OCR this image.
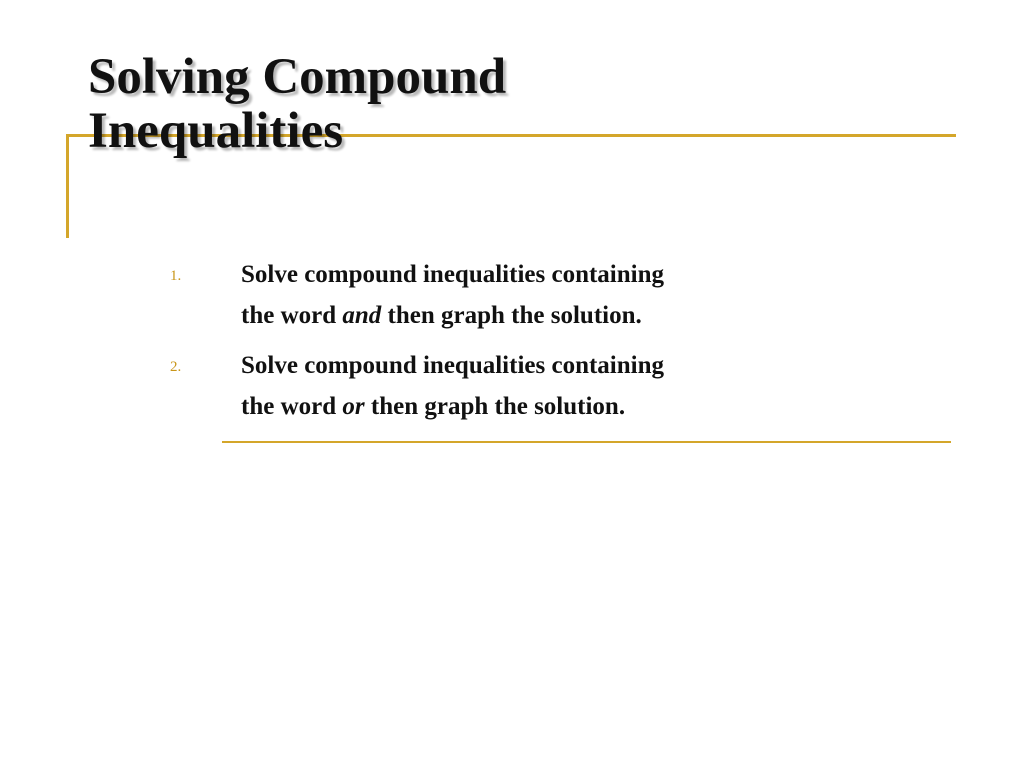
Solving Compound Inequalities
1. Solve compound inequalities containing
the word and then graph the solution.
2. Solve compound inequalities containing
the word or then graph the solution.
